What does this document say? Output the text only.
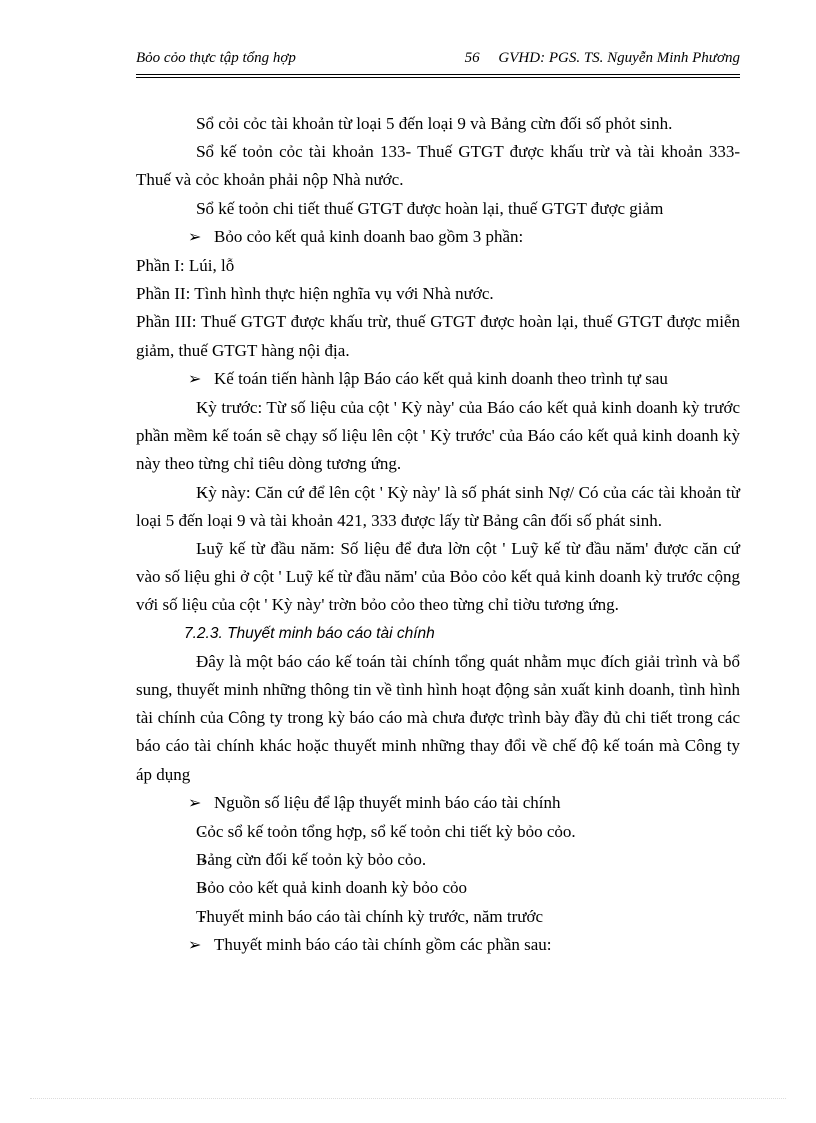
Bỏo cỏo thực tập tổng hợp	56 GVHD: PGS. TS. Nguyễn Minh Phương

▪ Sổ cỏi cỏc tài khoản từ loại 5 đến loại 9 và Bảng cừn đối số phỏt sinh.

▪ Sổ kế toỏn cỏc tài khoản 133- Thuế GTGT được khấu trừ và tài khoản 333- Thuế và cỏc khoản phải nộp Nhà nước.

▪ Sổ kế toỏn chi tiết thuế GTGT được hoàn lại, thuế GTGT được giảm

➢ Bỏo cỏo kết quả kinh doanh bao gồm 3 phần:

Phần I: Lúi, lỗ

Phần II: Tình hình thực hiện nghĩa vụ với Nhà nước.

Phần III: Thuế GTGT được khấu trừ, thuế GTGT được hoàn lại, thuế GTGT được miễn giảm, thuế GTGT hàng nội địa.

➢ Kế toán tiến hành lập Báo cáo kết quả kinh doanh theo trình tự sau

▪ Kỳ trước: Từ số liệu của cột ' Kỳ này' của Báo cáo kết quả kinh doanh kỳ trước phần mềm kế toán sẽ chạy số liệu lên cột ' Kỳ trước' của Báo cáo kết quả kinh doanh kỳ này theo từng chỉ tiêu dòng tương ứng.

▪ Kỳ này: Căn cứ để lên cột ' Kỳ này' là số phát sinh Nợ/ Có của các tài khoản từ loại 5 đến loại 9 và tài khoản 421, 333 được lấy từ Bảng cân đối số phát sinh.

▪ Luỹ kế từ đầu năm: Số liệu để đưa lờn cột ' Luỹ kế từ đầu năm' được căn cứ vào số liệu ghi ở cột ' Luỹ kế từ đầu năm' của Bỏo cỏo kết quả kinh doanh kỳ trước cộng với số liệu của cột ' Kỳ này' trờn bỏo cỏo theo từng chỉ tiờu tương ứng.

7.2.3. Thuyết minh báo cáo tài chính

Đây là một báo cáo kế toán tài chính tổng quát nhằm mục đích giải trình và bổ sung, thuyết minh những thông tin về tình hình hoạt động sản xuất kinh doanh, tình hình tài chính của Công ty trong kỳ báo cáo mà chưa được trình bày đầy đủ chi tiết trong các báo cáo tài chính khác hoặc thuyết minh những thay đổi về chế độ kế toán mà Công ty áp dụng

➢ Nguồn số liệu để lập thuyết minh báo cáo tài chính

▪ Cỏc sổ kế toỏn tổng hợp, sổ kế toỏn chi tiết kỳ bỏo cỏo.

▪ Bảng cừn đối kế toỏn kỳ bỏo cỏo.

▪ Bỏo cỏo kết quả kinh doanh kỳ bỏo cỏo

▪ Thuyết minh báo cáo tài chính kỳ trước, năm trước

➢ Thuyết minh báo cáo tài chính gồm các phần sau:
